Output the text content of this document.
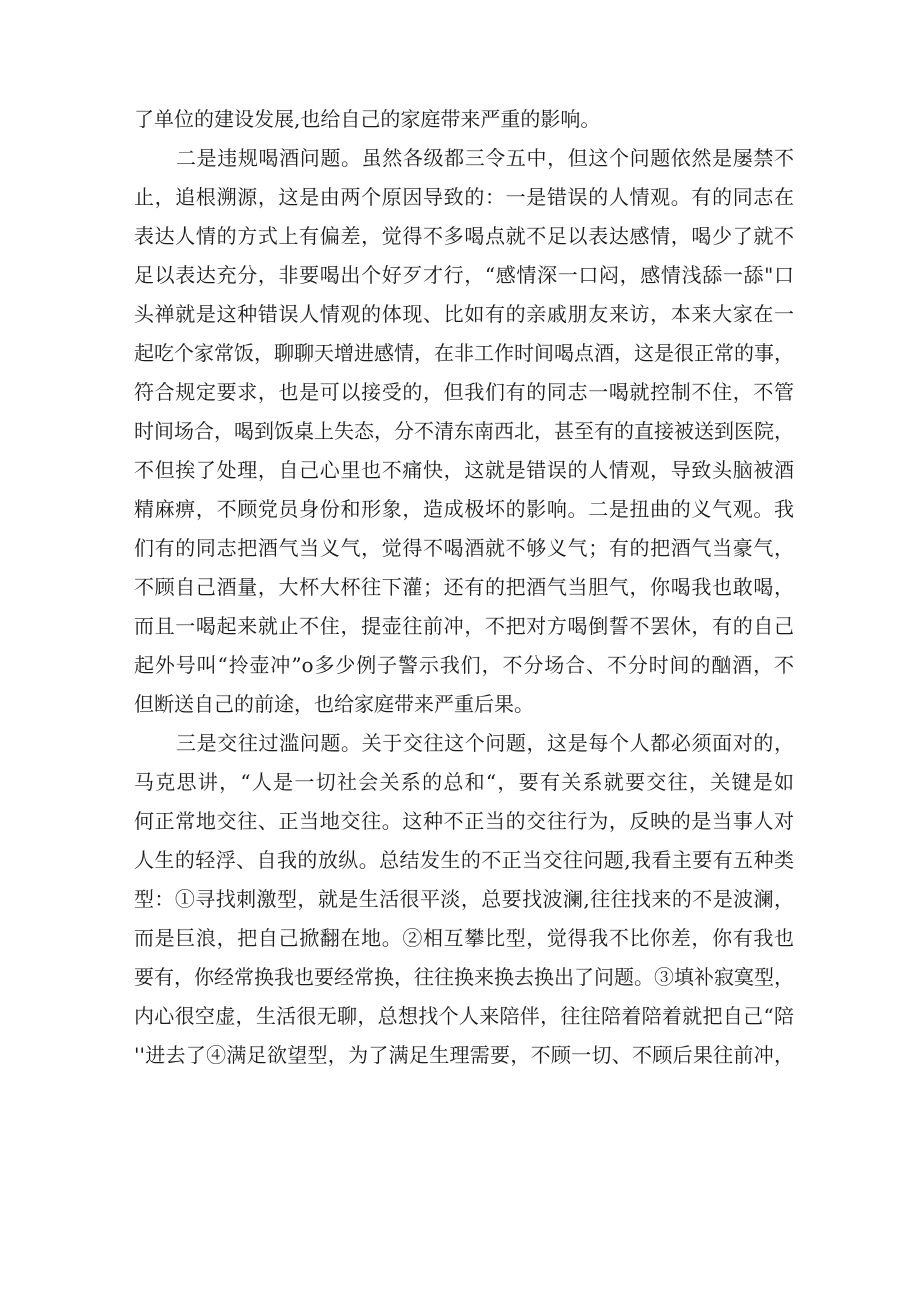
了单位的建设发展,也给自己的家庭带来严重的影响。
二是违规喝酒问题。虽然各级都三令五中，但这个问题依然是屡禁不
止，追根溯源，这是由两个原因导致的：一是错误的人情观。有的同志在
表达人情的方式上有偏差，觉得不多喝点就不足以表达感情，喝少了就不
足以表达充分，非要喝出个好歹才行，“感情深一口闷，感情浅舔一舔"口
头禅就是这种错误人情观的体现、比如有的亲戚朋友来访，本来大家在一
起吃个家常饭，聊聊天增进感情，在非工作时间喝点酒，这是很正常的事，
符合规定要求，也是可以接受的，但我们有的同志一喝就控制不住，不管
时间场合，喝到饭桌上失态，分不清东南西北，甚至有的直接被送到医院，
不但挨了处理，自己心里也不痛快，这就是错误的人情观，导致头脑被酒
精麻痹，不顾党员身份和形象，造成极坏的影响。二是扭曲的义气观。我
们有的同志把酒气当义气，觉得不喝酒就不够义气；有的把酒气当豪气，
不顾自己酒量，大杯大杯往下灌；还有的把酒气当胆气，你喝我也敢喝，
而且一喝起来就止不住，提壶往前冲，不把对方喝倒誓不罢休，有的自己
起外号叫“拎壶冲”o多少例子警示我们，不分场合、不分时间的酗酒，不
但断送自己的前途，也给家庭带来严重后果。
三是交往过滥问题。关于交往这个问题，这是每个人都必须面对的，
马克思讲，“人是一切社会关系的总和“，要有关系就要交往，关键是如
何正常地交往、正当地交往。这种不正当的交往行为，反映的是当事人对
人生的轻浮、自我的放纵。总结发生的不正当交往问题,我看主要有五种类
型：①寻找刺激型，就是生活很平淡，总要找波澜,往往找来的不是波澜，
而是巨浪，把自己掀翻在地。②相互攀比型，觉得我不比你差，你有我也
要有，你经常换我也要经常换，往往换来换去换出了问题。③填补寂寞型，
内心很空虚，生活很无聊，总想找个人来陪伴，往往陪着陪着就把自己“陪
''进去了④满足欲望型，为了满足生理需要，不顾一切、不顾后果往前冲，
